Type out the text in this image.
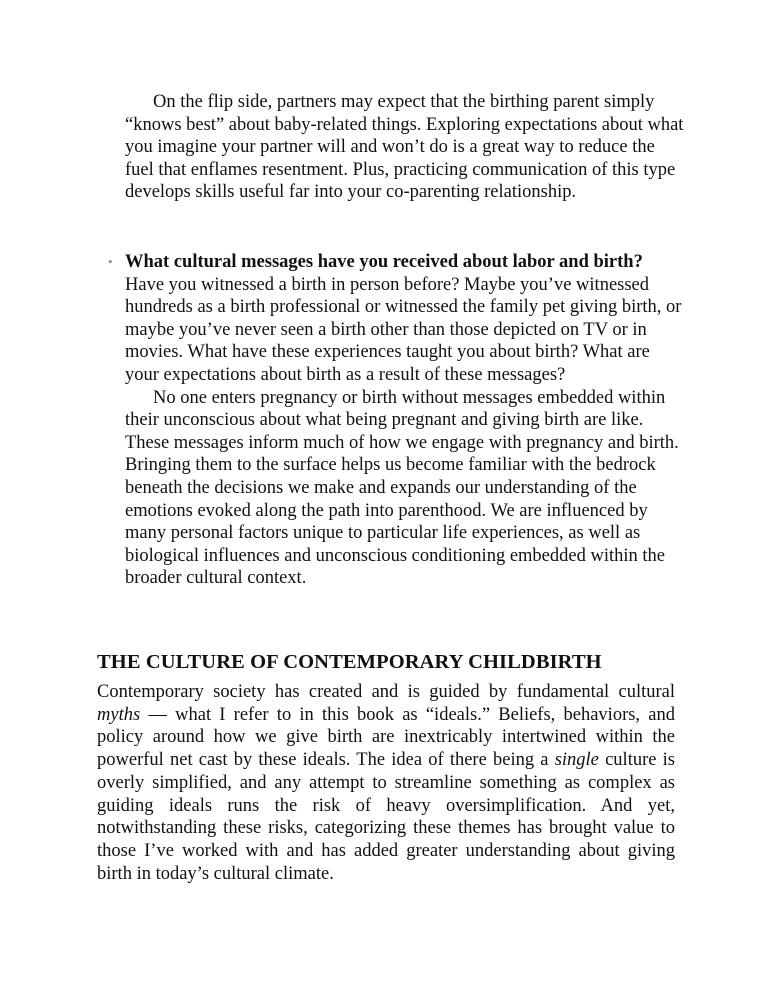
On the flip side, partners may expect that the birthing parent simply “knows best” about baby-related things. Exploring expectations about what you imagine your partner will and won’t do is a great way to reduce the fuel that enflames resentment. Plus, practicing communication of this type develops skills useful far into your co-parenting relationship.

• What cultural messages have you received about labor and birth? Have you witnessed a birth in person before? Maybe you’ve witnessed hundreds as a birth professional or witnessed the family pet giving birth, or maybe you’ve never seen a birth other than those depicted on TV or in movies. What have these experiences taught you about birth? What are your expectations about birth as a result of these messages?

No one enters pregnancy or birth without messages embedded within their unconscious about what being pregnant and giving birth are like. These messages inform much of how we engage with pregnancy and birth. Bringing them to the surface helps us become familiar with the bedrock beneath the decisions we make and expands our understanding of the emotions evoked along the path into parenthood. We are influenced by many personal factors unique to particular life experiences, as well as biological influences and unconscious conditioning embedded within the broader cultural context.

THE CULTURE OF CONTEMPORARY CHILDBIRTH

Contemporary society has created and is guided by fundamental cultural myths — what I refer to in this book as “ideals.” Beliefs, behaviors, and policy around how we give birth are inextricably intertwined within the powerful net cast by these ideals. The idea of there being a single culture is overly simplified, and any attempt to streamline something as complex as guiding ideals runs the risk of heavy oversimplification. And yet, notwithstanding these risks, categorizing these themes has brought value to those I’ve worked with and has added greater understanding about giving birth in today’s cultural climate.
